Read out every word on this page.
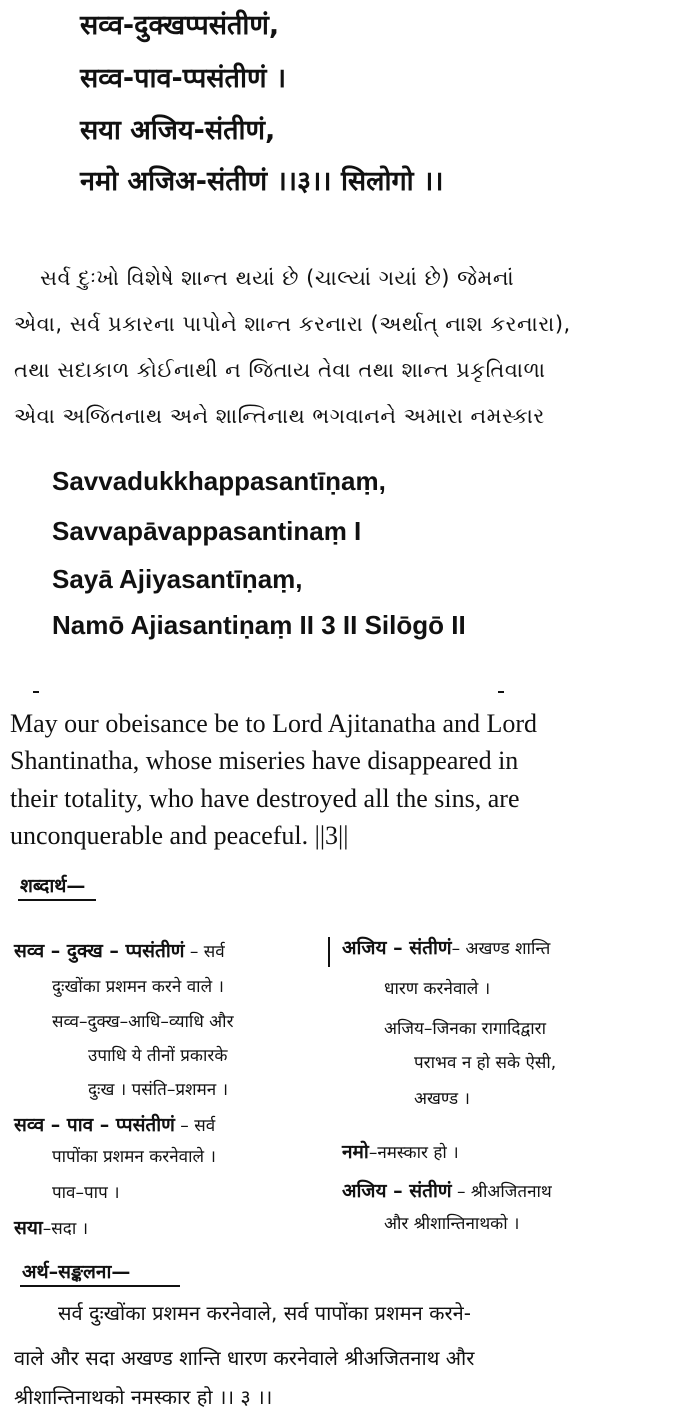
सव्व-दुक्खप्पसंतीणं,
सव्व-पाव-प्पसंतीणं ।
सया अजिय-संतीणं,
नमो अजिअ-संतीणं ।।३।। सिलोगो ।।
સર્વ દુઃખો વિશેષે શાન્ત થયાં છે (ચાલ્યાં ગયાં છે) જેમનાં
એવા, સર્વ પ્રકારના પાપોને શાન્ત કરનારા (અર્થાત્ નાશ કરનારા),
તથા સદાકાળ કોઈનાથી ન જિતાય તેવા તથા શાન્ત પ્રકૃતિવાળા
એવા અજિતનાથ અને શાન્તિનાથ ભગવાનને અમારા નમસ્કાર
Savvadukkhappasantīṇaṃ,
Savvapāvappasantinaṃ I
Sayā Ajiyasantīṇaṃ,
Namō Ajiasantiṇaṃ II 3 II Silōgō II
May our obeisance be to Lord Ajitanatha and Lord
Shantinatha, whose miseries have disappeared in
their totality, who have destroyed all the sins, are
unconquerable and peaceful. ||3||
शब्दार्थ—
सव्व – दुक्ख – प्पसंतीणं – सर्व
दुःखोंका प्रशमन करने वाले ।
सव्व–दुक्ख–आधि–व्याधि और
उपाधि ये तीनों प्रकारके
दुःख । पसंति–प्रशमन ।
सव्व – पाव – प्पसंतीणं – सर्व
पापोंका प्रशमन करनेवाले ।
पाव–पाप ।
सया–सदा ।
अजिय – संतीणं– अखण्ड शान्ति
धारण करनेवाले ।
अजिय–जिनका रागादिद्वारा
पराभव न हो सके ऐसी,
अखण्ड ।
नमो–नमस्कार हो ।
अजिय – संतीणं – श्रीअजितनाथ
और श्रीशान्तिनाथको ।
अर्थ–सङ्कलना—
सर्व दुःखोंका प्रशमन करनेवाले, सर्व पापोंका प्रशमन करने-
वाले और सदा अखण्ड शान्ति धारण करनेवाले श्रीअजितनाथ और
श्रीशान्तिनाथको नमस्कार हो ।। ३ ।।
